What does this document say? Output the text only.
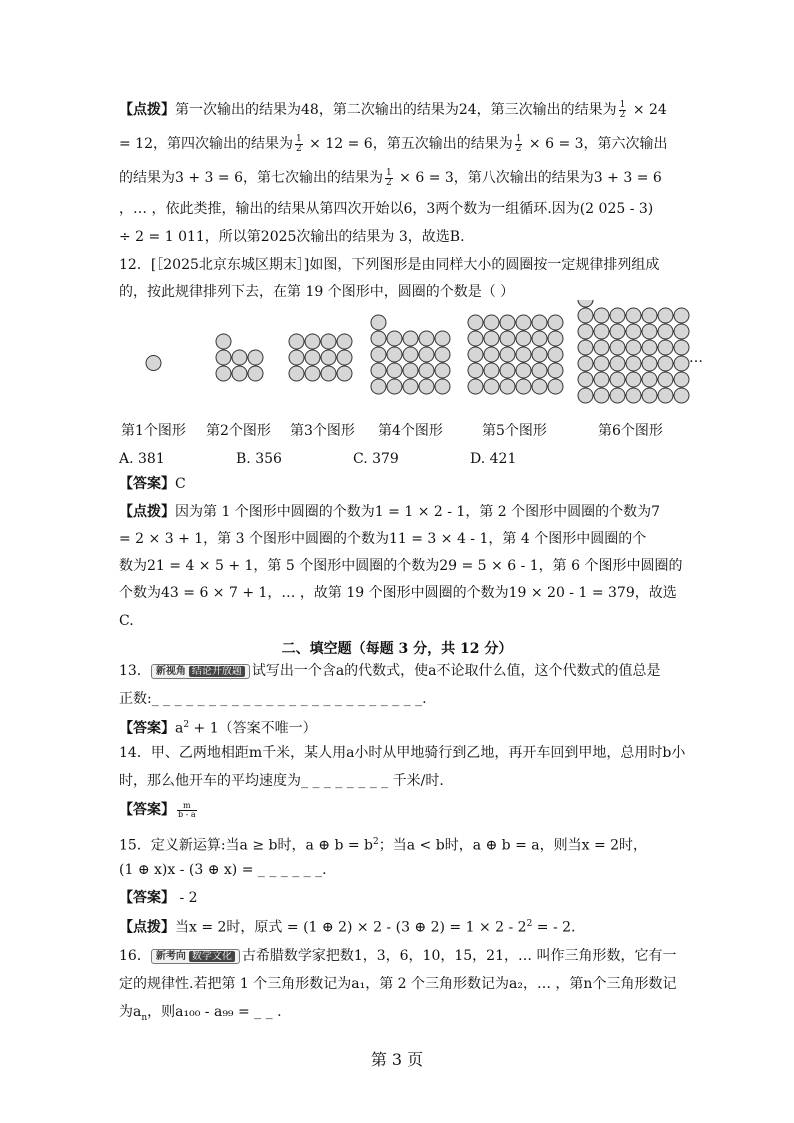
【点拨】第一次输出的结果为48，第二次输出的结果为24，第三次输出的结果为 $\frac{1}{2} \times 24$
= 12，第四次输出的结果为 $\frac{1}{2} \times 12 = 6$，第五次输出的结果为 $\frac{1}{2} \times 6 = 3$，第六次输出
的结果为3 + 3 = 6，第七次输出的结果为 $\frac{1}{2} \times 6 = 3$，第八次输出的结果为3 + 3 = 6
，… ，依此类推，输出的结果从第四次开始以6，3两个数为一组循环.因为(2 025 - 3)
÷ 2 = 1 011，所以第2025次输出的结果为 3，故选B.
12．[［2025北京东城区期末］]如图，下列图形是由同样大小的圆圈按一定规律排列组成
的，按此规律排列下去，在第 19 个图形中，圆圈的个数是（ ）
…
第1个图形 第2个图形 第3个图形 第4个图形	第5个图形	第6个图形
A. 381	B. 356	C. 379	D. 421
【答案】C
【点拨】因为第 1 个图形中圆圈的个数为1 = 1 × 2 - 1，第 2 个图形中圆圈的个数为7
= 2 × 3 + 1，第 3 个图形中圆圈的个数为11 = 3 × 4 - 1，第 4 个图形中圆圈的个
数为21 = 4 × 5 + 1，第 5 个图形中圆圈的个数为29 = 5 × 6 - 1，第 6 个图形中圆圈的
个数为43 = 6 × 7 + 1，… ，故第 19 个图形中圆圈的个数为19 × 20 - 1 = 379，故选
C.
二、填空题（每题 3 分，共 12 分）
13． 新视角 结论开放题 试写出一个含a的代数式，使a不论取什么值，这个代数式的值总是
正数:_ _ _ _ _ _ _ _ _ _ _ _ _ _ _ _ _ _ _ _ _ _ _ _.
【答案】$a^2 + 1$（答案不唯一）
14．甲、乙两地相距m千米，某人用a小时从甲地骑行到乙地，再开车回到甲地，总用时b小
时，那么他开车的平均速度为_ _ _ _ _ _ _ _ 千米/时.
【答案】 $\frac{m}{b - a}$
15．定义新运算:当a ≥ b时，a ⊕ $b = b^2$；当a < b时，a ⊕ b = a，则当x = 2时，
(1 ⊕ x)x - (3 ⊕ x) = _ _ _ _ _ _.
【答案】 - 2
【点拨】当x = 2时，原式 = (1 ⊕ 2) × 2 - (3 ⊕ $2) = 1 \times 2 - 2^2$ = - 2.
16． 新考向 数学文化 古希腊数学家把数1，3，6，10，15，21，… 叫作三角形数，它有一
定的规律性.若把第 1 个三角形数记为a₁，第 2 个三角形数记为a₂，… ，第n个三角形数记
为$a_n$，则a₁₀₀ - a₉₉ = _ _ .
第 3 页
